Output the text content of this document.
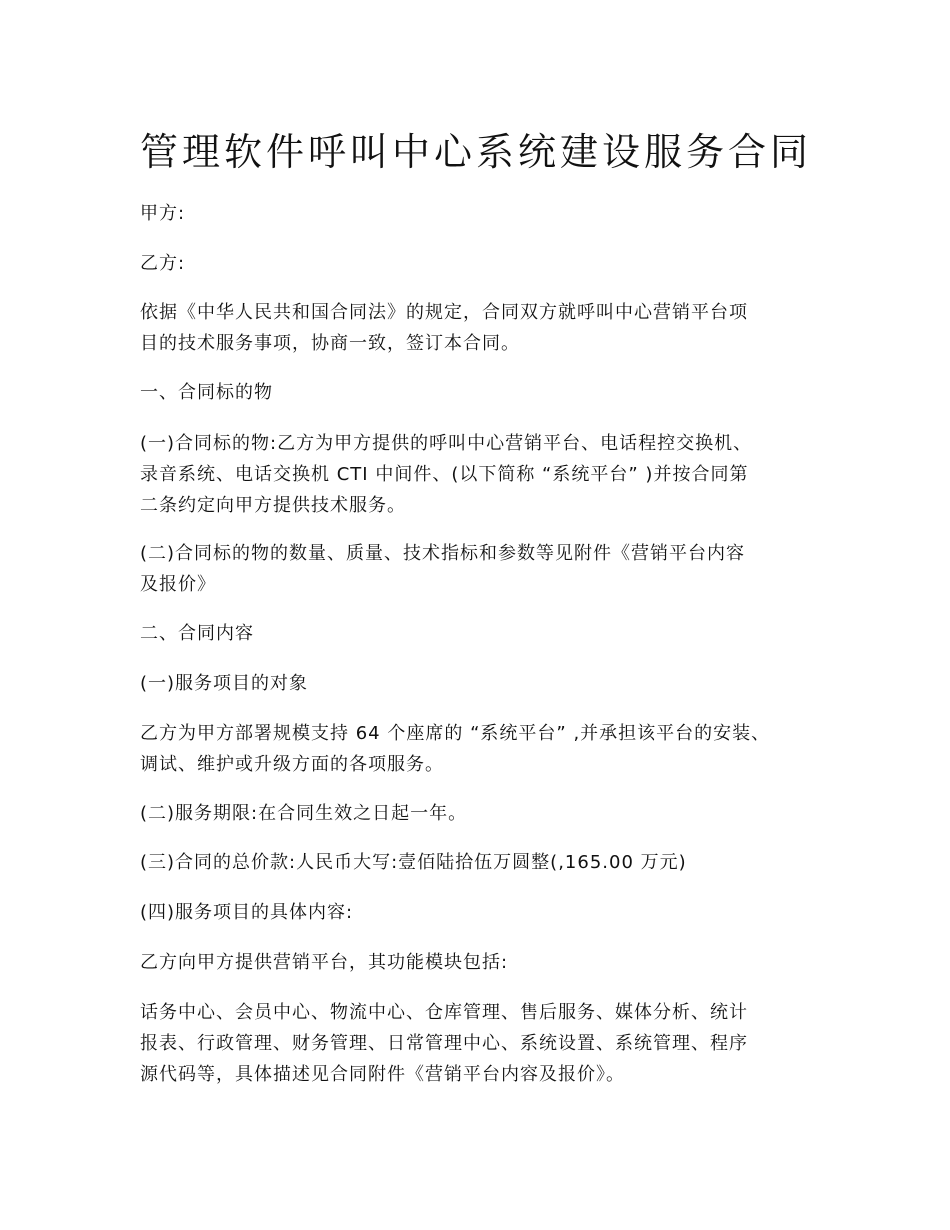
管理软件呼叫中心系统建设服务合同

甲方:

乙方:

依据《中华人民共和国合同法》的规定，合同双方就呼叫中心营销平台项
目的技术服务事项，协商一致，签订本合同。

一、合同标的物

(一)合同标的物:乙方为甲方提供的呼叫中心营销平台、电话程控交换机、
录音系统、电话交换机 CTI 中间件、(以下简称 “系统平台” )并按合同第
二条约定向甲方提供技术服务。

(二)合同标的物的数量、质量、技术指标和参数等见附件《营销平台内容
及报价》

二、合同内容

(一)服务项目的对象

乙方为甲方部署规模支持 64 个座席的 “系统平台” ,并承担该平台的安装、
调试、维护或升级方面的各项服务。

(二)服务期限:在合同生效之日起一年。

(三)合同的总价款:人民币大写:壹佰陆拾伍万圆整(,165.00 万元)

(四)服务项目的具体内容:

乙方向甲方提供营销平台，其功能模块包括:

话务中心、会员中心、物流中心、仓库管理、售后服务、媒体分析、统计
报表、行政管理、财务管理、日常管理中心、系统设置、系统管理、程序
源代码等，具体描述见合同附件《营销平台内容及报价》。
